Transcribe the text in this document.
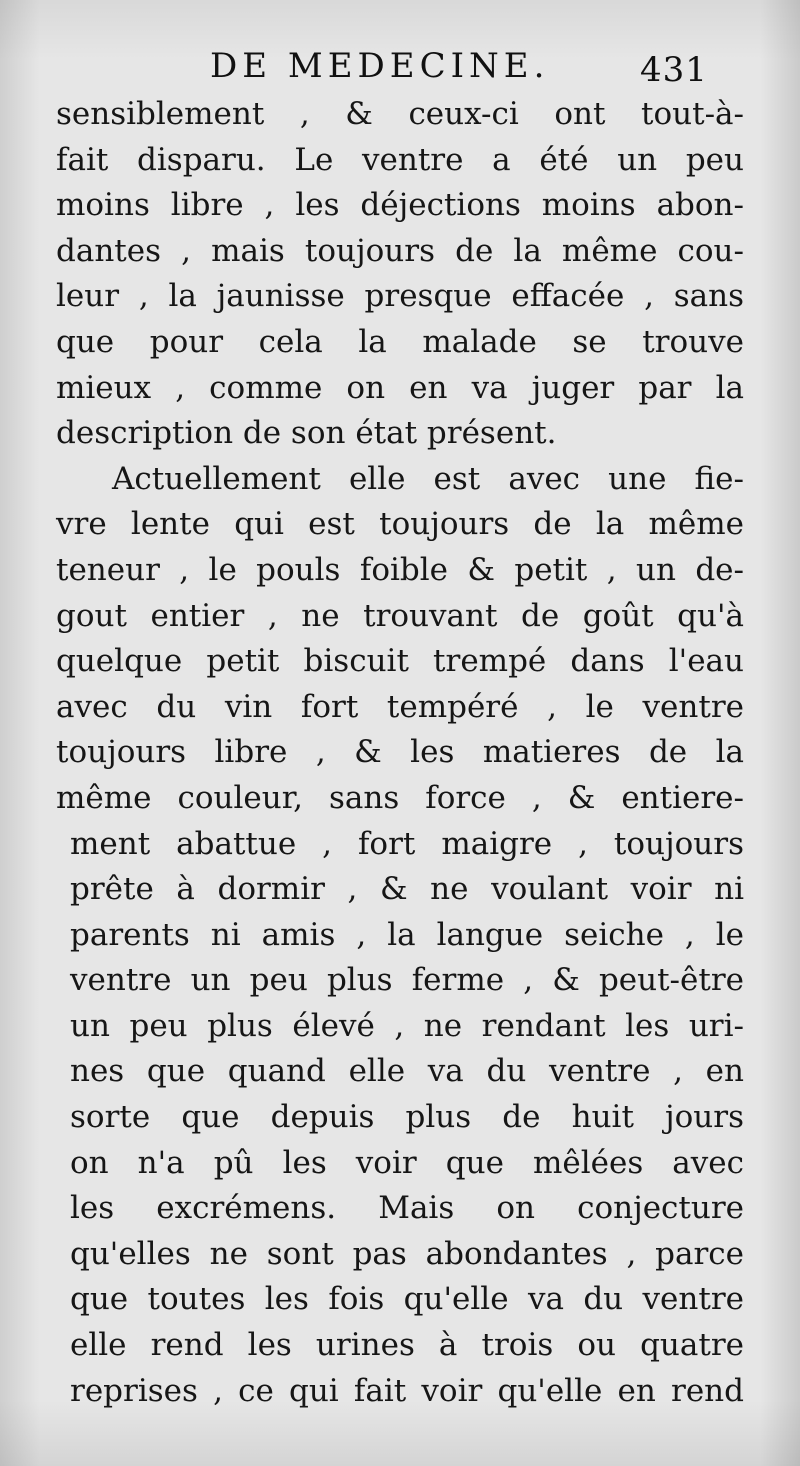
DE MEDECINE.	431
sensiblement , & ceux-ci ont tout-à-
fait disparu. Le ventre a été un peu
moins libre , les déjections moins abon-
dantes , mais toujours de la même cou-
leur , la jaunisse presque effacée , sans
que pour cela la malade se trouve
mieux , comme on en va juger par la
description de son état présent.
Actuellement elle est avec une fie-
vre lente qui est toujours de la même
teneur , le pouls foible & petit , un de-
gout entier , ne trouvant de goût qu'à
quelque petit biscuit trempé dans l'eau
avec du vin fort tempéré , le ventre
toujours libre , & les matieres de la
même couleur, sans force , & entiere-
ment abattue , fort maigre , toujours
prête à dormir , & ne voulant voir ni
parents ni amis , la langue seiche , le
ventre un peu plus ferme , & peut-être
un peu plus élevé , ne rendant les uri-
nes que quand elle va du ventre , en
sorte que depuis plus de huit jours
on n'a pû les voir que mêlées avec
les excrémens. Mais on conjecture
qu'elles ne sont pas abondantes , parce
que toutes les fois qu'elle va du ventre
elle rend les urines à trois ou quatre
reprises , ce qui fait voir qu'elle en rend
